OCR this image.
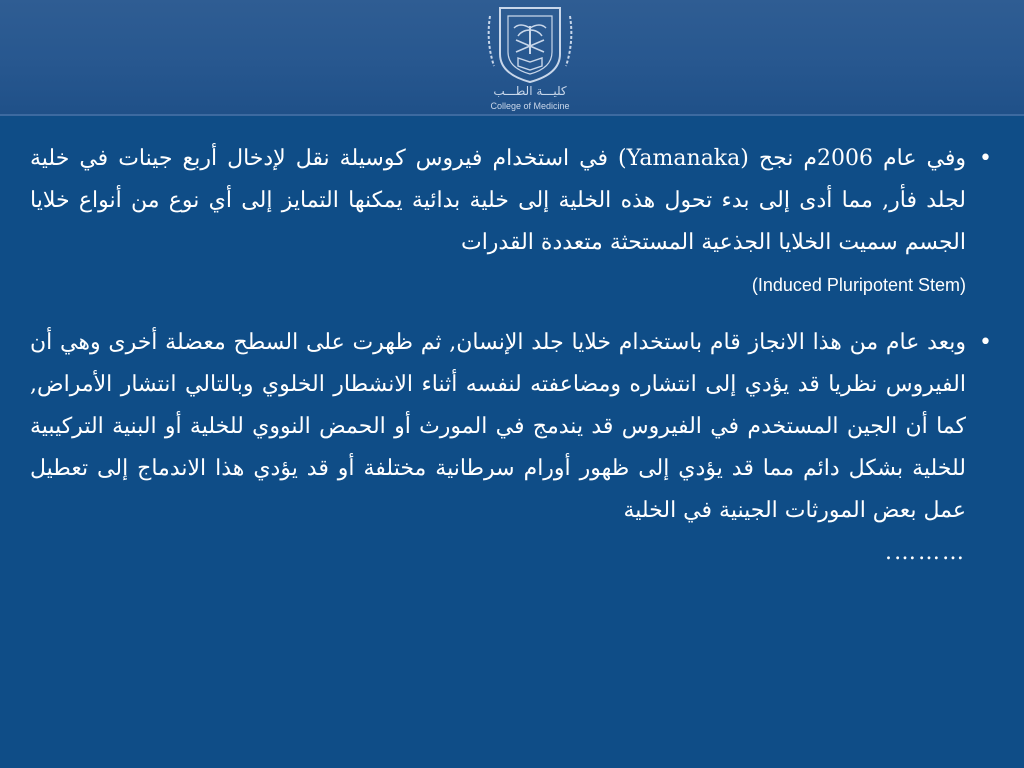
كليـــة الطـــب
College of Medicine
•
وفي عام 2006م نجح (Yamanaka) في استخدام فيروس كوسيلة نقل لإدخال أربع جينات في خلية لجلد فأر, مما أدى إلى بدء تحول هذه الخلية إلى خلية بدائية يمكنها التمايز إلى أي نوع من أنواع خلايا الجسم سميت الخلايا الجذعية المستحثة متعددة القدرات
(Induced Pluripotent Stem)
•
وبعد عام من هذا الانجاز قام باستخدام خلايا جلد الإنسان, ثم ظهرت على السطح معضلة أخرى وهي أن الفيروس نظريا قد يؤدي إلى انتشاره ومضاعفته لنفسه أثناء الانشطار الخلوي وبالتالي انتشار الأمراض, كما أن الجين المستخدم في الفيروس قد يندمج في المورث أو الحمض النووي للخلية أو البنية التركيبية للخلية بشكل دائم مما قد يؤدي إلى ظهور أورام سرطانية مختلفة أو قد يؤدي هذا الاندماج إلى تعطيل عمل بعض المورثات الجينية في الخلية
……….
